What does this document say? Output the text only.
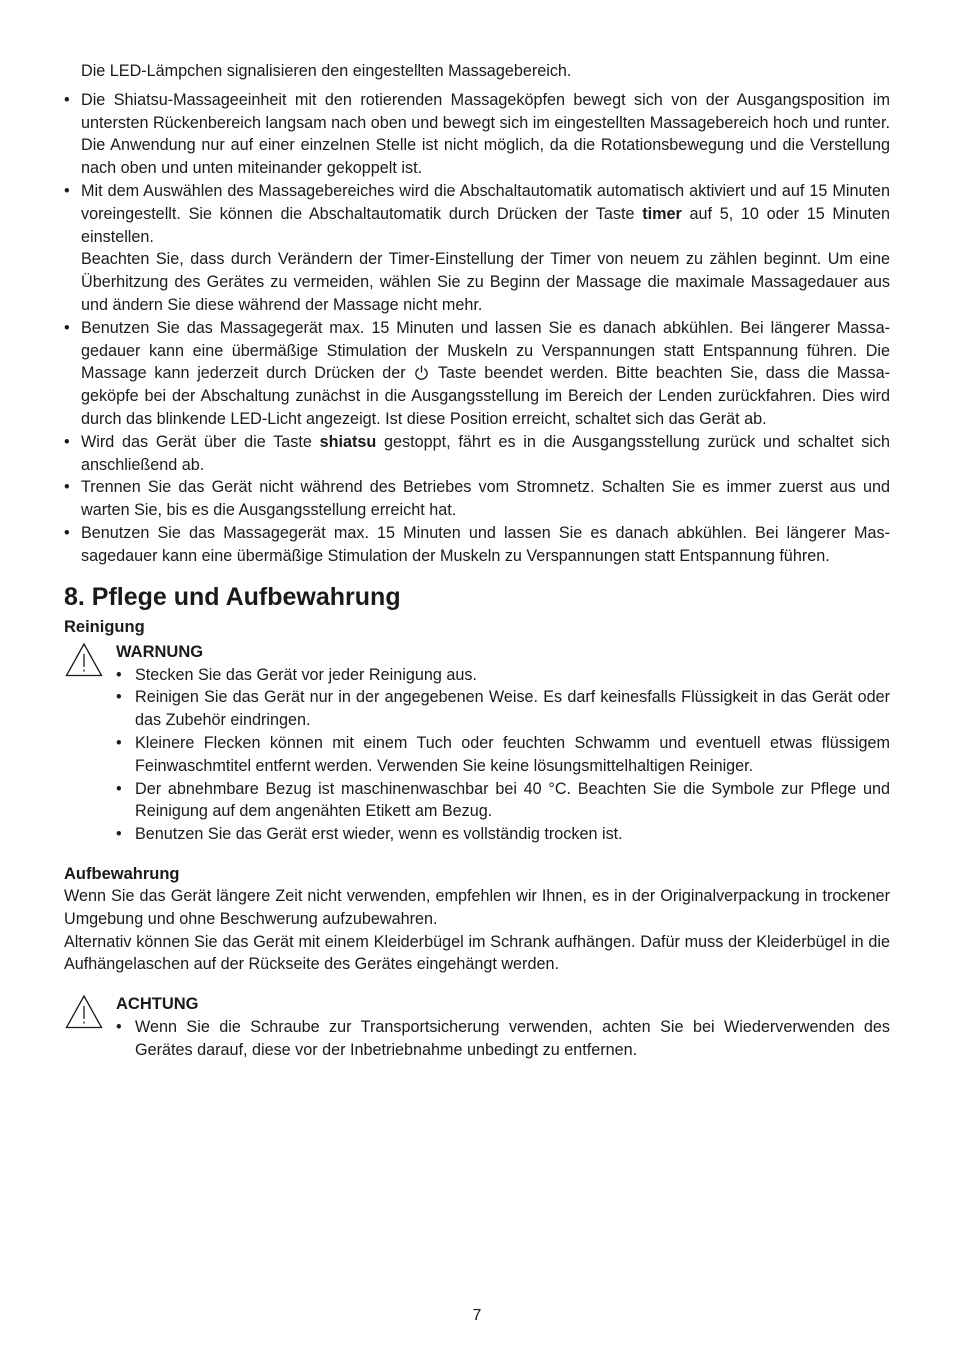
Die LED-Lämpchen signalisieren den eingestellten Massagebereich.

• Die Shiatsu-Massageeinheit mit den rotierenden Massageköpfen bewegt sich von der Ausgangsposition im untersten Rückenbereich langsam nach oben und bewegt sich im eingestellten Massagebereich hoch und runter. Die Anwendung nur auf einer einzelnen Stelle ist nicht möglich, da die Rotationsbewegung und die Verstellung nach oben und unten miteinander gekoppelt ist.
• Mit dem Auswählen des Massagebereiches wird die Abschaltautomatik automatisch aktiviert und auf 15 Minuten voreingestellt. Sie können die Abschaltautomatik durch Drücken der Taste timer auf 5, 10 oder 15 Minuten einstellen.
Beachten Sie, dass durch Verändern der Timer-Einstellung der Timer von neuem zu zählen beginnt. Um eine Überhitzung des Gerätes zu vermeiden, wählen Sie zu Beginn der Massage die maximale Massagedauer aus und ändern Sie diese während der Massage nicht mehr.
• Benutzen Sie das Massagegerät max. 15 Minuten und lassen Sie es danach abkühlen. Bei längerer Massa-gedauer kann eine übermäßige Stimulation der Muskeln zu Verspannungen statt Entspannung führen. Die Massage kann jederzeit durch Drücken der Taste beendet werden. Bitte beachten Sie, dass die Massa-geköpfe bei der Abschaltung zunächst in die Ausgangsstellung im Bereich der Lenden zurückfahren. Dies wird durch das blinkende LED-Licht angezeigt. Ist diese Position erreicht, schaltet sich das Gerät ab.
• Wird das Gerät über die Taste shiatsu gestoppt, fährt es in die Ausgangsstellung zurück und schaltet sich anschließend ab.
• Trennen Sie das Gerät nicht während des Betriebes vom Stromnetz. Schalten Sie es immer zuerst aus und warten Sie, bis es die Ausgangsstellung erreicht hat.
• Benutzen Sie das Massagegerät max. 15 Minuten und lassen Sie es danach abkühlen. Bei längerer Mas-sagedauer kann eine übermäßige Stimulation der Muskeln zu Verspannungen statt Entspannung führen.
8. Pflege und Aufbewahrung
Reinigung
WARNUNG
• Stecken Sie das Gerät vor jeder Reinigung aus.
• Reinigen Sie das Gerät nur in der angegebenen Weise. Es darf keinesfalls Flüssigkeit in das Gerät oder das Zubehör eindringen.
• Kleinere Flecken können mit einem Tuch oder feuchten Schwamm und eventuell etwas flüssigem Feinwaschmtitel entfernt werden. Verwenden Sie keine lösungsmittelhaltigen Reiniger.
• Der abnehmbare Bezug ist maschinenwaschbar bei 40 °C. Beachten Sie die Symbole zur Pflege und Reinigung auf dem angenähten Etikett am Bezug.
• Benutzen Sie das Gerät erst wieder, wenn es vollständig trocken ist.
Aufbewahrung

Wenn Sie das Gerät längere Zeit nicht verwenden, empfehlen wir Ihnen, es in der Originalverpackung in trockener Umgebung und ohne Beschwerung aufzubewahren.

Alternativ können Sie das Gerät mit einem Kleiderbügel im Schrank aufhängen. Dafür muss der Kleiderbügel in die Aufhängelaschen auf der Rückseite des Gerätes eingehängt werden.

ACHTUNG
• Wenn Sie die Schraube zur Transportsicherung verwenden, achten Sie bei Wiederverwenden des Gerätes darauf, diese vor der Inbetriebnahme unbedingt zu entfernen.
7
